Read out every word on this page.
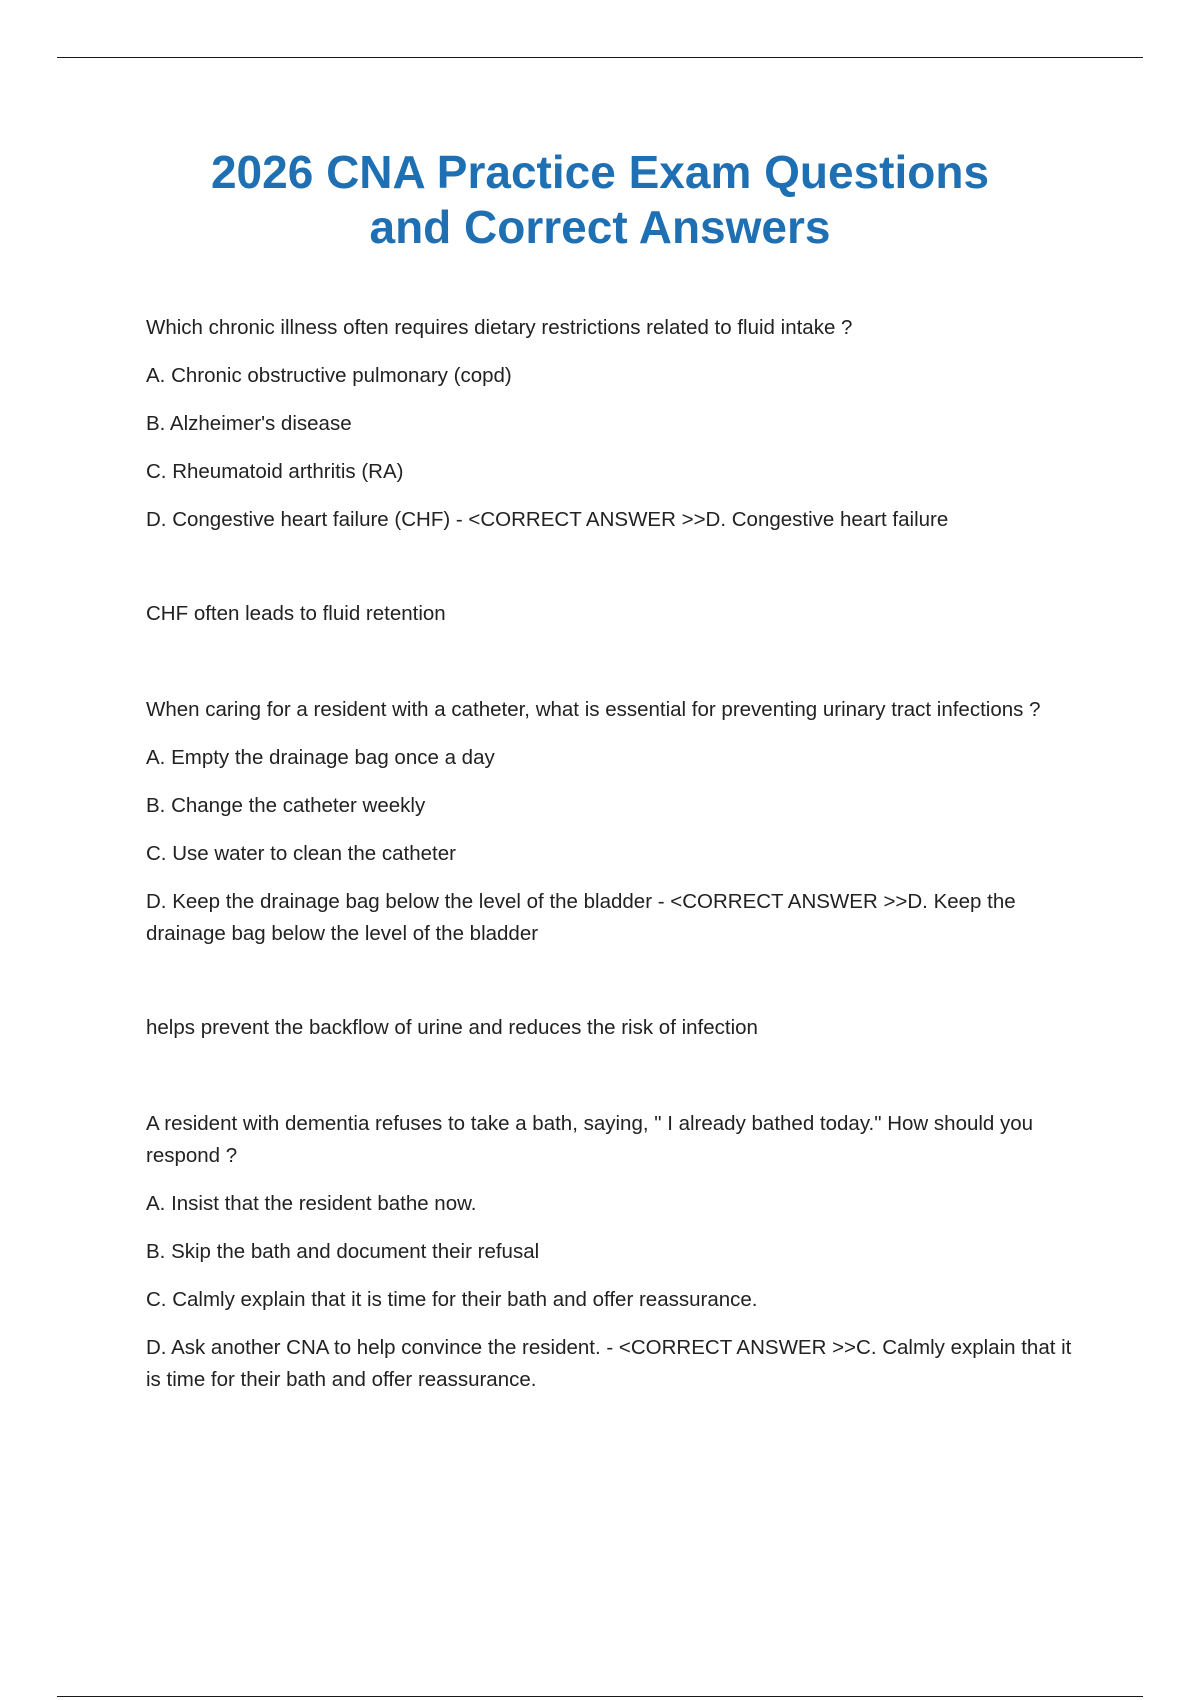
2026 CNA Practice Exam Questions
and Correct Answers

Which chronic illness often requires dietary restrictions related to fluid intake ?

A. Chronic obstructive pulmonary (copd)

B. Alzheimer's disease

C. Rheumatoid arthritis (RA)

D. Congestive heart failure (CHF) - <CORRECT ANSWER >>D. Congestive heart failure

CHF often leads to fluid retention

When caring for a resident with a catheter, what is essential for preventing urinary tract infections ?

A. Empty the drainage bag once a day

B. Change the catheter weekly

C. Use water to clean the catheter

D. Keep the drainage bag below the level of the bladder - <CORRECT ANSWER >>D. Keep the drainage bag below the level of the bladder

helps prevent the backflow of urine and reduces the risk of infection

A resident with dementia refuses to take a bath, saying, " I already bathed today." How should you respond ?

A. Insist that the resident bathe now.

B. Skip the bath and document their refusal

C. Calmly explain that it is time for their bath and offer reassurance.

D. Ask another CNA to help convince the resident. - <CORRECT ANSWER >>C. Calmly explain that it is time for their bath and offer reassurance.
